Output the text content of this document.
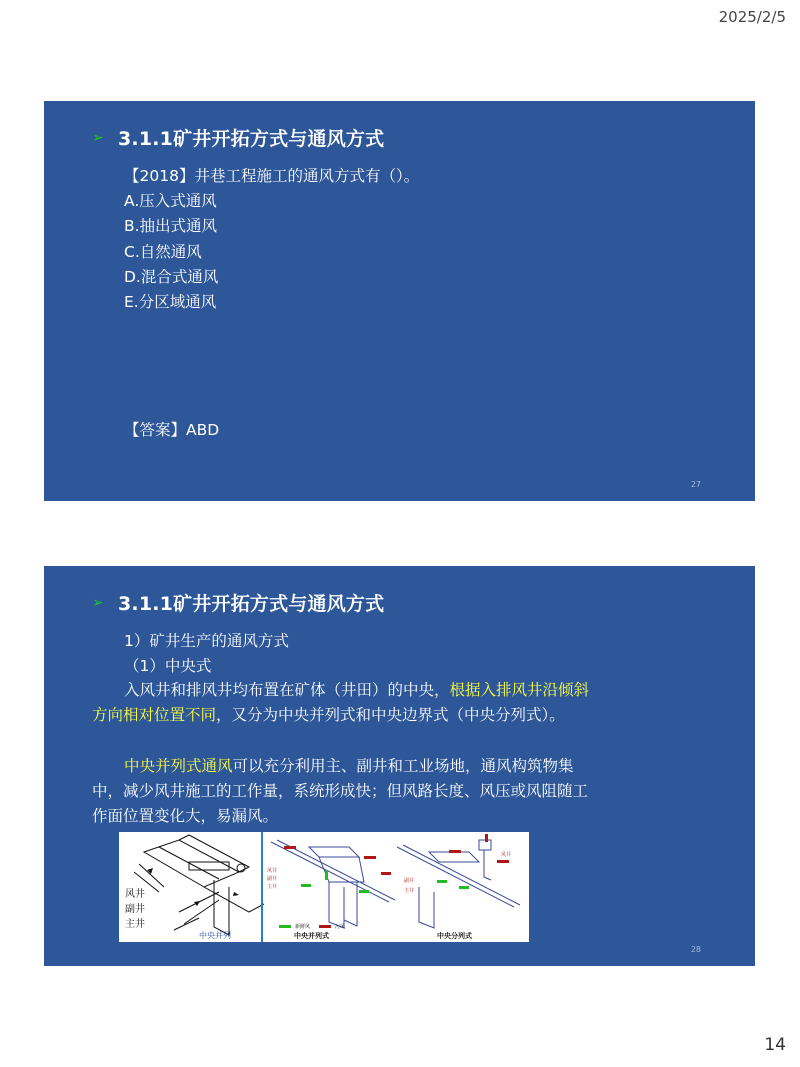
2025/2/5
➢ 3.1.1矿井开拓方式与通风方式
【2018】井巷工程施工的通风方式有（）。
A.压入式通风
B.抽出式通风
C.自然通风
D.混合式通风
E.分区域通风
【答案】ABD
27
➢ 3.1.1矿井开拓方式与通风方式
1）矿井生产的通风方式
（1）中央式
入风井和排风井均布置在矿体（井田）的中央，根据入排风井沿倾斜方向相对位置不同，又分为中央并列式和中央边界式（中央分列式）。
中央并列式通风可以充分利用主、副井和工业场地，通风构筑物集中，减少风井施工的工作量，系统形成快；但风路长度、风压或风阻随工作面位置变化大，易漏风。
风井
副井
主井
中央并列
风井
副井
主井
新鲜风	污风
中央并列式
风井
副井
主井
中央分列式
28
14
